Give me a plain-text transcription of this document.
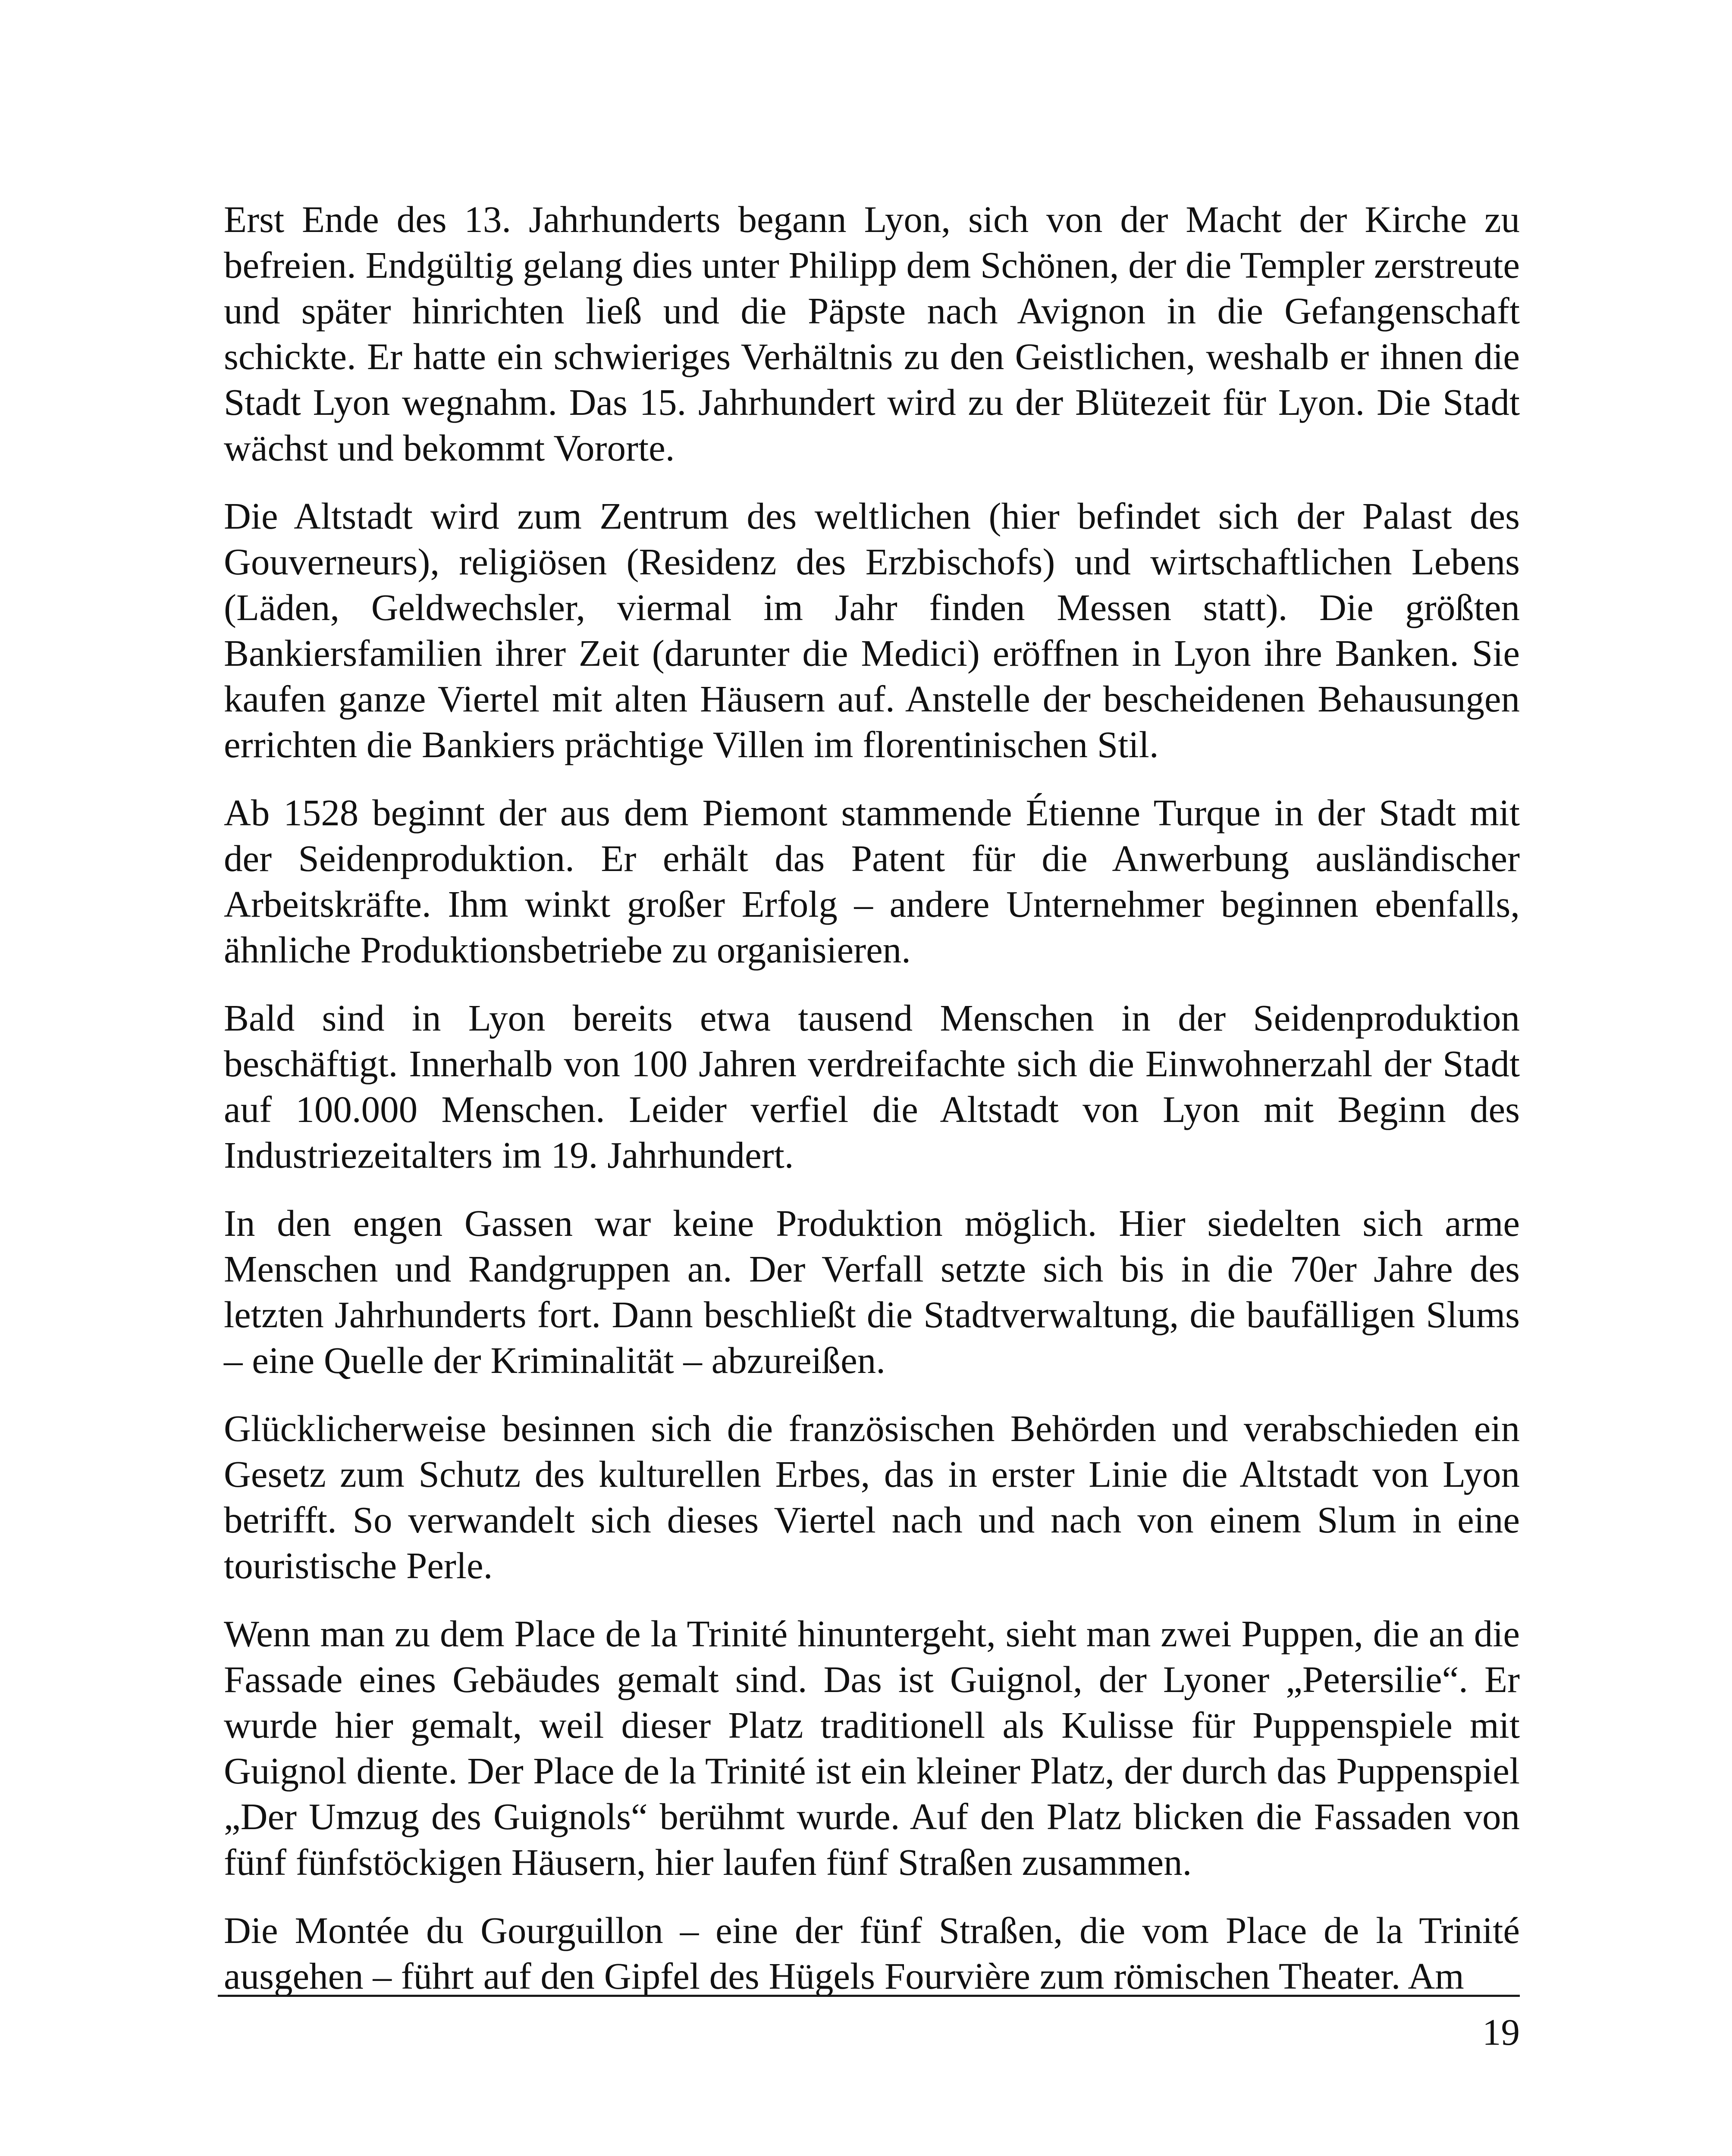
Erst Ende des 13. Jahrhunderts begann Lyon, sich von der Macht der Kirche zu befreien. Endgültig gelang dies unter Philipp dem Schönen, der die Templer zerstreute und später hinrichten ließ und die Päpste nach Avignon in die Gefangenschaft schickte. Er hatte ein schwieriges Verhältnis zu den Geistlichen, weshalb er ihnen die Stadt Lyon wegnahm. Das 15. Jahrhundert wird zu der Blütezeit für Lyon. Die Stadt wächst und bekommt Vororte.

Die Altstadt wird zum Zentrum des weltlichen (hier befindet sich der Palast des Gouverneurs), religiösen (Residenz des Erzbischofs) und wirtschaftlichen Lebens (Läden, Geldwechsler, viermal im Jahr finden Messen statt). Die größten Bankiersfamilien ihrer Zeit (darunter die Medici) eröffnen in Lyon ihre Banken. Sie kaufen ganze Viertel mit alten Häusern auf. Anstelle der bescheidenen Behausungen errichten die Bankiers prächtige Villen im florentinischen Stil.

Ab 1528 beginnt der aus dem Piemont stammende Étienne Turque in der Stadt mit der Seidenproduktion. Er erhält das Patent für die Anwerbung ausländischer Arbeitskräfte. Ihm winkt großer Erfolg – andere Unternehmer beginnen ebenfalls, ähnliche Produktionsbetriebe zu organisieren.

Bald sind in Lyon bereits etwa tausend Menschen in der Seidenproduktion beschäftigt. Innerhalb von 100 Jahren verdreifachte sich die Einwohnerzahl der Stadt auf 100.000 Menschen. Leider verfiel die Altstadt von Lyon mit Beginn des Industriezeitalters im 19. Jahrhundert.

In den engen Gassen war keine Produktion möglich. Hier siedelten sich arme Menschen und Randgruppen an. Der Verfall setzte sich bis in die 70er Jahre des letzten Jahrhunderts fort. Dann beschließt die Stadtverwaltung, die baufälligen Slums – eine Quelle der Kriminalität – abzureißen.

Glücklicherweise besinnen sich die französischen Behörden und verabschieden ein Gesetz zum Schutz des kulturellen Erbes, das in erster Linie die Altstadt von Lyon betrifft. So verwandelt sich dieses Viertel nach und nach von einem Slum in eine touristische Perle.

Wenn man zu dem Place de la Trinité hinuntergeht, sieht man zwei Puppen, die an die Fassade eines Gebäudes gemalt sind. Das ist Guignol, der Lyoner „Petersilie“. Er wurde hier gemalt, weil dieser Platz traditionell als Kulisse für Puppenspiele mit Guignol diente. Der Place de la Trinité ist ein kleiner Platz, der durch das Puppenspiel „Der Umzug des Guignols“ berühmt wurde. Auf den Platz blicken die Fassaden von fünf fünfstöckigen Häusern, hier laufen fünf Straßen zusammen.

Die Montée du Gourguillon – eine der fünf Straßen, die vom Place de la Trinité ausgehen – führt auf den Gipfel des Hügels Fourvière zum römischen Theater. Am

19
